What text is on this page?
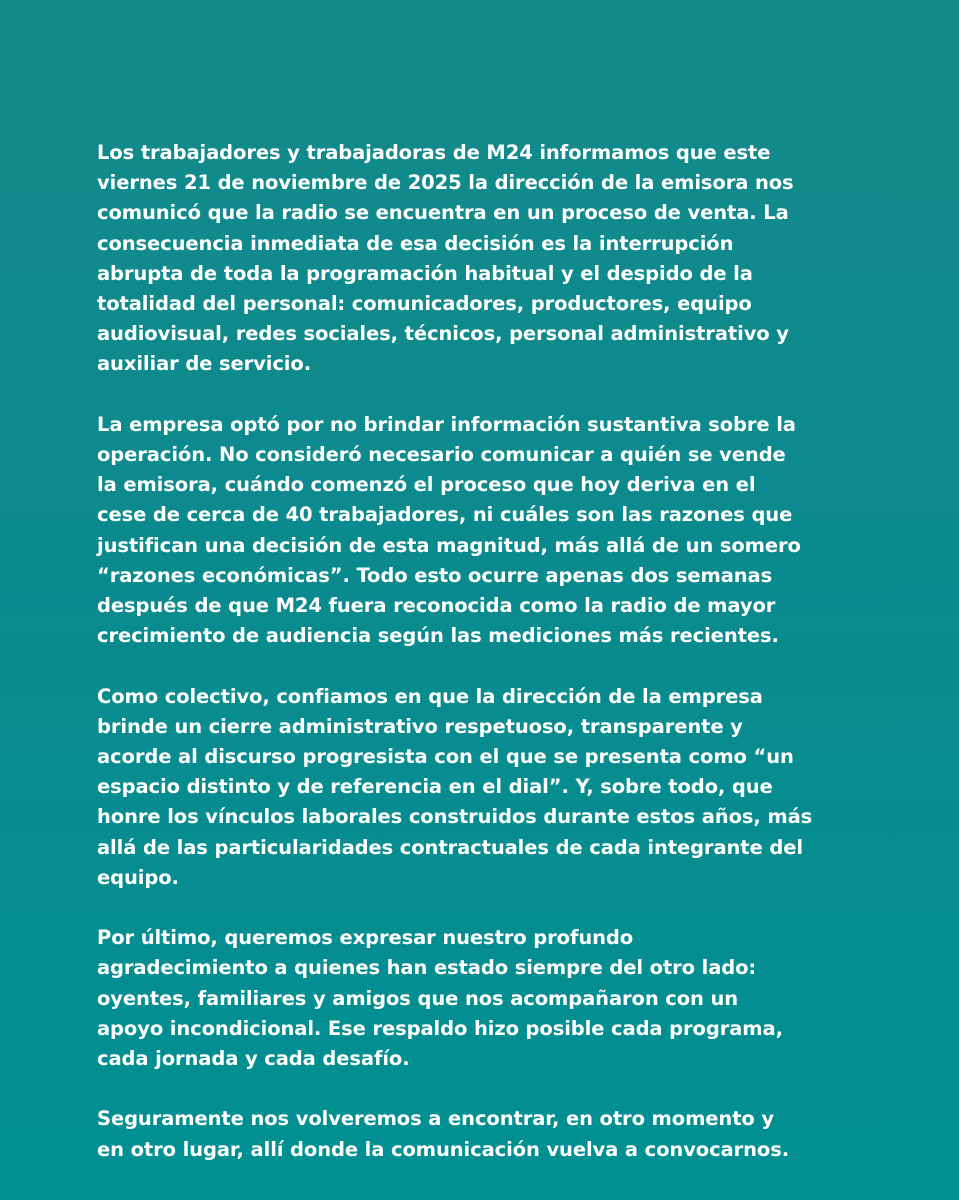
Los trabajadores y trabajadoras de M24 informamos que este
viernes 21 de noviembre de 2025 la dirección de la emisora nos
comunicó que la radio se encuentra en un proceso de venta. La
consecuencia inmediata de esa decisión es la interrupción
abrupta de toda la programación habitual y el despido de la
totalidad del personal: comunicadores, productores, equipo
audiovisual, redes sociales, técnicos, personal administrativo y
auxiliar de servicio.

La empresa optó por no brindar información sustantiva sobre la
operación. No consideró necesario comunicar a quién se vende
la emisora, cuándo comenzó el proceso que hoy deriva en el
cese de cerca de 40 trabajadores, ni cuáles son las razones que
justifican una decisión de esta magnitud, más allá de un somero
“razones económicas”. Todo esto ocurre apenas dos semanas
después de que M24 fuera reconocida como la radio de mayor
crecimiento de audiencia según las mediciones más recientes.

Como colectivo, confiamos en que la dirección de la empresa
brinde un cierre administrativo respetuoso, transparente y
acorde al discurso progresista con el que se presenta como “un
espacio distinto y de referencia en el dial”. Y, sobre todo, que
honre los vínculos laborales construidos durante estos años, más
allá de las particularidades contractuales de cada integrante del
equipo.

Por último, queremos expresar nuestro profundo
agradecimiento a quienes han estado siempre del otro lado:
oyentes, familiares y amigos que nos acompañaron con un
apoyo incondicional. Ese respaldo hizo posible cada programa,
cada jornada y cada desafío.

Seguramente nos volveremos a encontrar, en otro momento y
en otro lugar, allí donde la comunicación vuelva a convocarnos.
